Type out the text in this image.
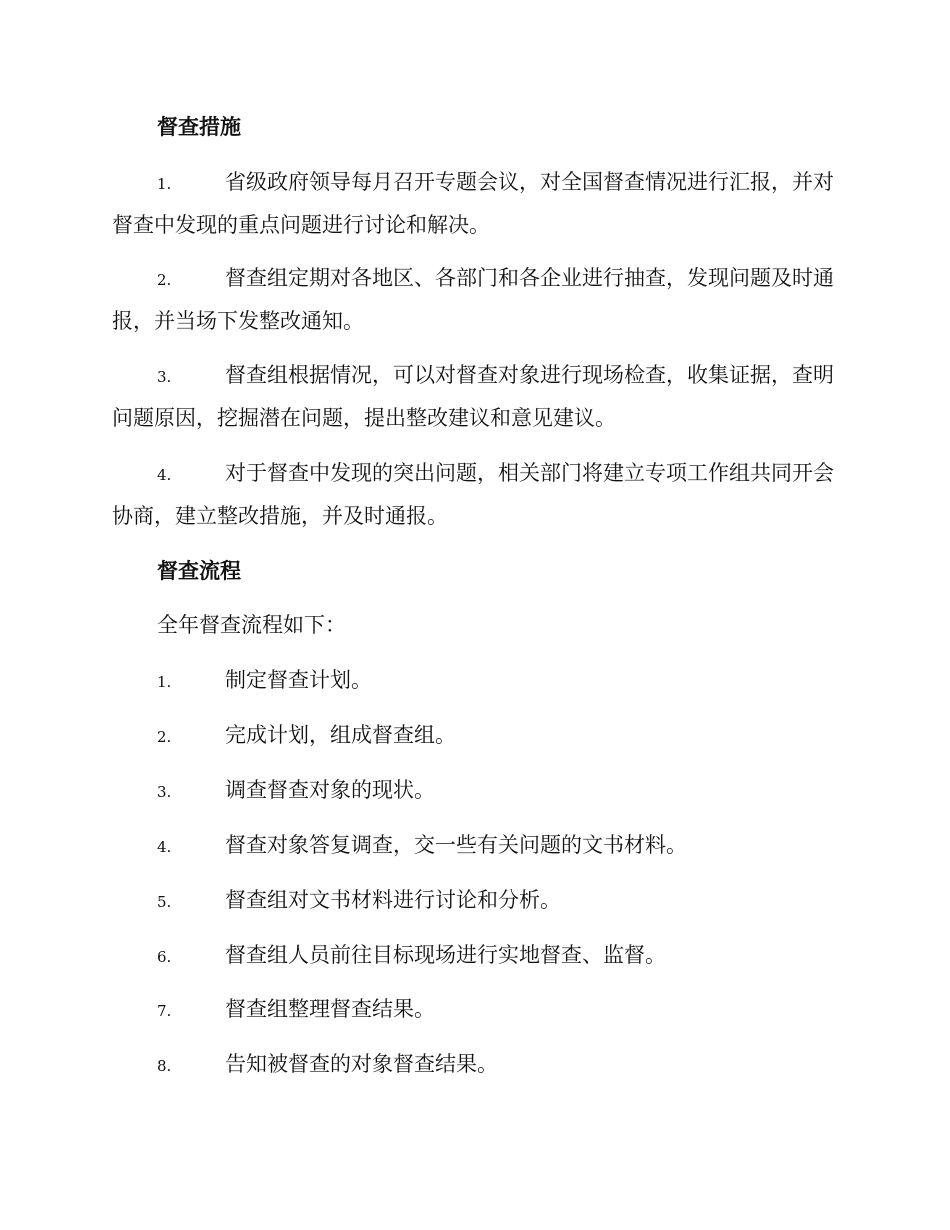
督查措施
1.	省级政府领导每月召开专题会议，对全国督查情况进行汇报，并对督查中发现的重点问题进行讨论和解决。
2.	督查组定期对各地区、各部门和各企业进行抽查，发现问题及时通报，并当场下发整改通知。
3.	督查组根据情况，可以对督查对象进行现场检查，收集证据，查明问题原因，挖掘潜在问题，提出整改建议和意见建议。
4.	对于督查中发现的突出问题，相关部门将建立专项工作组共同开会协商，建立整改措施，并及时通报。
督查流程
全年督查流程如下：
1.	制定督查计划。
2.	完成计划，组成督查组。
3.	调查督查对象的现状。
4.	督查对象答复调查，交一些有关问题的文书材料。
5.	督查组对文书材料进行讨论和分析。
6.	督查组人员前往目标现场进行实地督查、监督。
7.	督查组整理督查结果。
8.	告知被督查的对象督查结果。
